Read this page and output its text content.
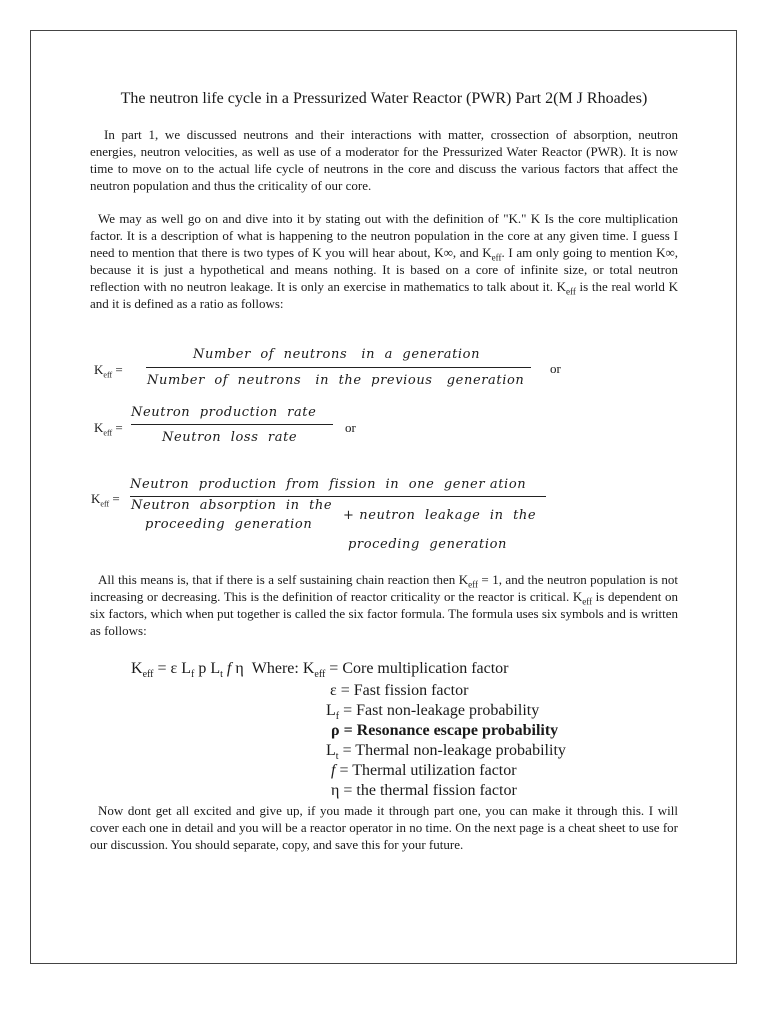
The neutron life cycle in a Pressurized Water Reactor (PWR) Part 2(M J Rhoades)
In part 1, we discussed neutrons and their interactions with matter, crossection of absorption, neutron energies, neutron velocities, as well as use of a moderator for the Pressurized Water Reactor (PWR). It is now time to move on to the actual life cycle of neutrons in the core and discuss the various factors that affect the neutron population and thus the criticality of our core.
We may as well go on and dive into it by stating out with the definition of "K." K Is the core multiplication factor. It is a description of what is happening to the neutron population in the core at any given time. I guess I need to mention that there is two types of K you will hear about, K∞, and $K_{eff}$. I am only going to mention K∞, because it is just a hypothetical and means nothing. It is based on a core of infinite size, or total neutron reflection with no neutron leakage. It is only an exercise in mathematics to talk about it. $K_{eff}$ is the real world K and it is defined as a ratio as follows:
$K_{eff}$ =
Number  of  neutrons   in  a  generation
Number  of  neutrons   in  the  previous   generation
or
$K_{eff}$ =
Neutron  production  rate
Neutron  loss  rate
or
$K_{eff}$ =
Neutron  production  from  fission  in  one  gener ation
Neutron  absorption  in  the
proceeding  generation
+ neutron  leakage  in  the
proceding  generation
All this means is, that if there is a self sustaining chain reaction then $K_{eff} = 1$, and the neutron population is not increasing or decreasing. This is the definition of reactor criticality or the reactor is critical. $K_{eff}$ is dependent on six factors, which when put together is called the six factor formula. The formula uses six symbols and is written as follows:
$K_{eff} = \varepsilon$ $L_f$ p $L_t$ f η Where: $K_{eff}$ = Core multiplication factor
ε = Fast fission factor
$L_f$ = Fast non-leakage probability
ρ = Resonance escape probability
$L_t$ = Thermal non-leakage probability
f = Thermal utilization factor
η = the thermal fission factor
Now dont get all excited and give up, if you made it through part one, you can make it through this. I will cover each one in detail and you will be a reactor operator in no time. On the next page is a cheat sheet to use for our discussion. You should separate, copy, and save this for your future.
